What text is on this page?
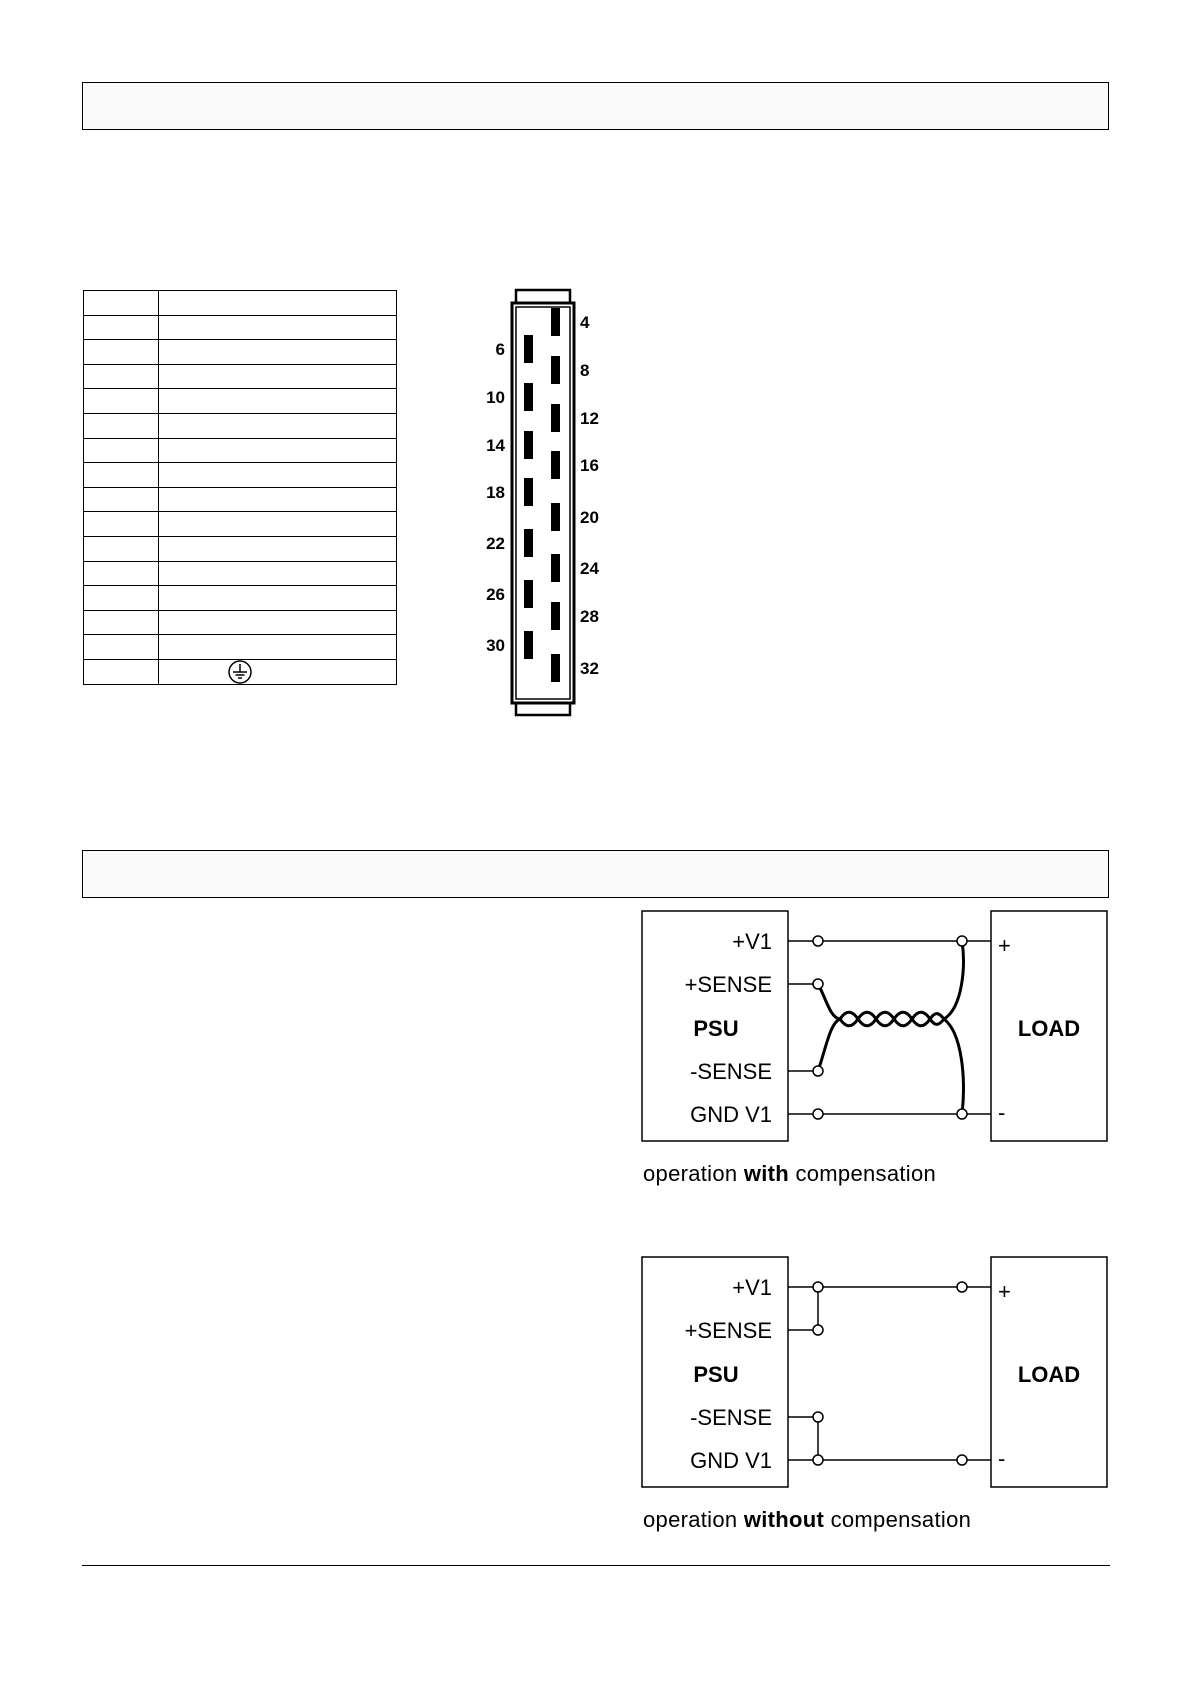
4
8
12
16
20
24
28
32
6
10
14
18
22
26
30
+V1
+SENSE
PSU
-SENSE
GND V1
LOAD
+
-
operation with compensation
+V1
+SENSE
PSU
-SENSE
GND V1
LOAD
+
-
operation without compensation
